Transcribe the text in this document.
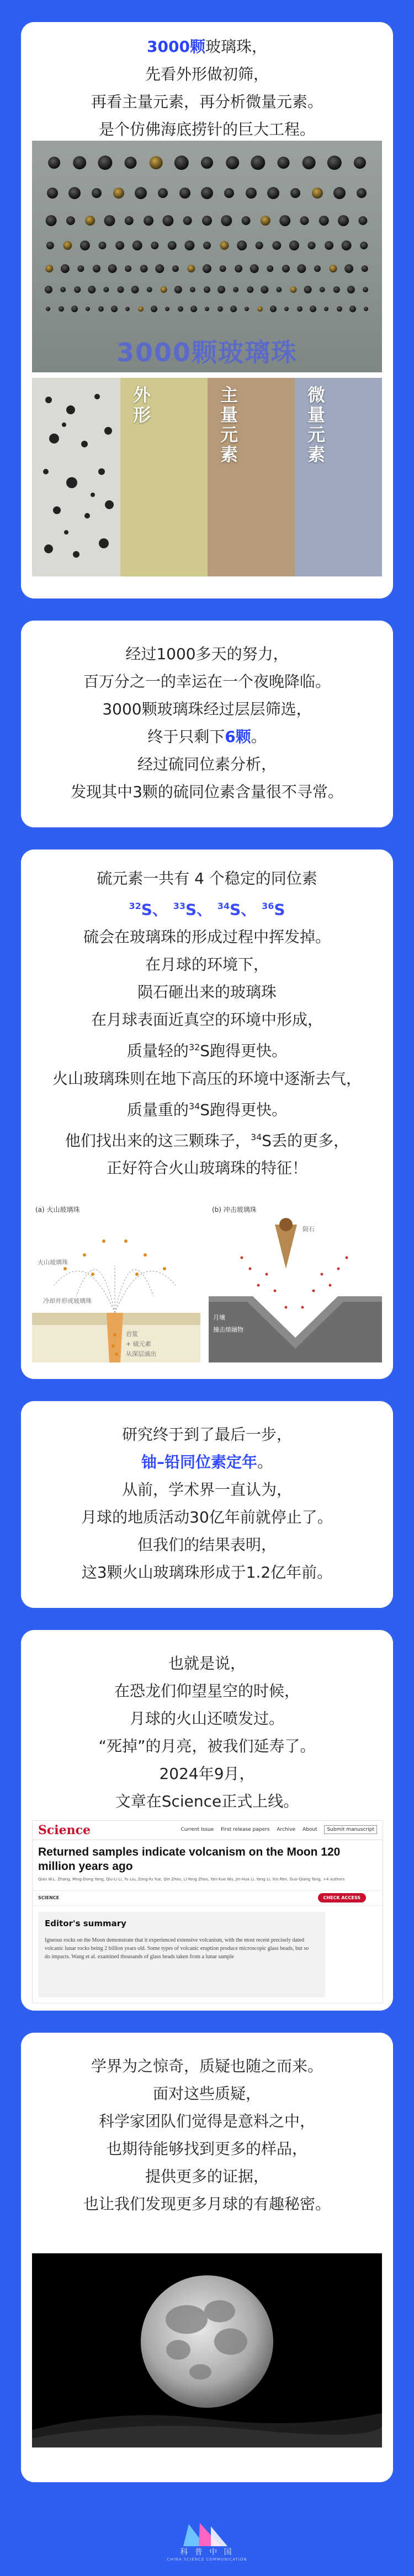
3000颗玻璃珠，
先看外形做初筛，
再看主量元素，再分析微量元素。
是个仿佛海底捞针的巨大工程。
3000颗玻璃珠
外形	主量元素	微量元素
经过1000多天的努力，
百万分之一的幸运在一个夜晚降临。
3000颗玻璃珠经过层层筛选，
终于只剩下6颗。
经过硫同位素分析，
发现其中3颗的硫同位素含量很不寻常。
硫元素一共有 4 个稳定的同位素
$^{32}$S、 $^{33}$S、 $^{34}$S、 $^{36}$S
硫会在玻璃珠的形成过程中挥发掉。
在月球的环境下，
陨石砸出来的玻璃珠
在月球表面近真空的环境中形成，
质量轻的$^{32}$S跑得更快。
火山玻璃珠则在地下高压的环境中逐渐去气，
质量重的$^{34}$S跑得更快。
他们找出来的这三颗珠子，$^{34}$S丢的更多，
正好符合火山玻璃珠的特征！
(a) 火山玻璃珠
岩浆
冷却并形成玻璃珠
+ 硫元素
从深层涌出
火山玻璃珠
(b) 冲击玻璃珠
陨石
月壤
撞击熔融物
研究终于到了最后一步，
铀–铅同位素定年。
从前，学术界一直认为，
月球的地质活动30亿年前就停止了。
但我们的结果表明，
这3颗火山玻璃珠形成于1.2亿年前。
也就是说，
在恐龙们仰望星空的时候，
月球的火山还喷发过。
“死掉”的月亮，被我们延寿了。
2024年9月，
文章在Science正式上线。
Science	Current Issue First release papers Archive About Submit manuscript
Returned samples indicate volcanism on the Moon 120 million years ago
Qian W.L. Zhang, Ming-Dong Yang, Qiu-Li Li, Yu Liu, Zong-Yu Yue, Qin Zhou, Li-Yong Zhou, Yan-Xue Wu, Jin-Hua Li, Yang Li, Xin Ren, Guo-Qiang Tang, +4 authors
SCIENCE	CHECK ACCESS
Editor's summary
Igneous rocks on the Moon demonstrate that it experienced extensive volcanism, with the most recent precisely dated volcanic lunar rocks being 2 billion years old. Some types of volcanic eruption produce microscopic glass beads, but so do impacts. Wang et al. examined thousands of glass beads taken from a lunar sample
学界为之惊奇，质疑也随之而来。
面对这些质疑，
科学家团队们觉得是意料之中，
也期待能够找到更多的样品，
提供更多的证据，
也让我们发现更多月球的有趣秘密。
科 普 中 国
CHINA SCIENCE COMMUNICATION
